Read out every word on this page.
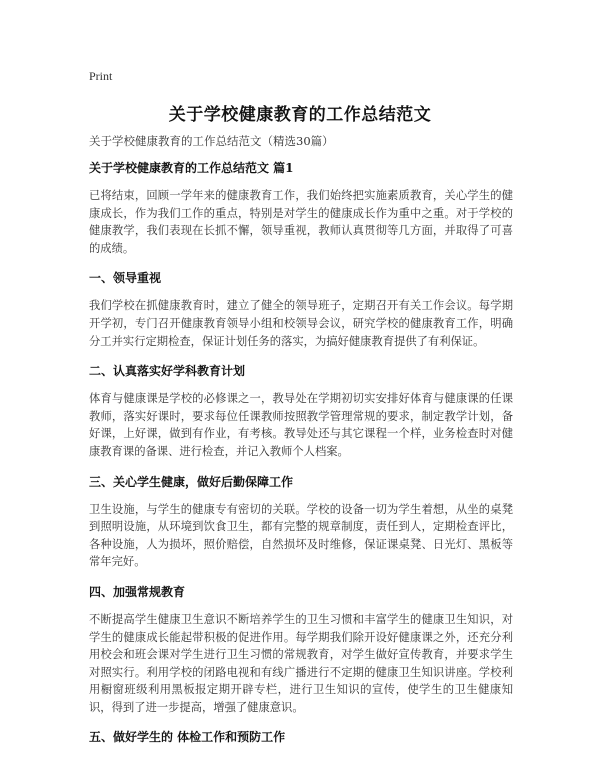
Print
关于学校健康教育的工作总结范文
关于学校健康教育的工作总结范文（精选30篇）
关于学校健康教育的工作总结范文 篇1

已将结束，回顾一学年来的健康教育工作，我们始终把实施素质教育，关心学生的健康成长，作为我们工作的重点，特别是对学生的健康成长作为重中之重。对于学校的健康教学，我们表现在长抓不懈，领导重视，教师认真贯彻等几方面，并取得了可喜的成绩。

一、领导重视

我们学校在抓健康教育时，建立了健全的领导班子，定期召开有关工作会议。每学期开学初，专门召开健康教育领导小组和校领导会议，研究学校的健康教育工作，明确分工并实行定期检查，保证计划任务的落实，为搞好健康教育提供了有利保证。

二、认真落实好学科教育计划

体育与健康课是学校的必修课之一，教导处在学期初切实安排好体育与健康课的任课教师，落实好课时，要求每位任课教师按照教学管理常规的要求，制定教学计划，备好课，上好课，做到有作业，有考核。教导处还与其它课程一个样，业务检查时对健康教育课的备课、进行检查，并记入教师个人档案。

三、关心学生健康，做好后勤保障工作

卫生设施，与学生的健康专有密切的关联。学校的设备一切为学生着想，从坐的桌凳到照明设施，从环境到饮食卫生，都有完整的规章制度，责任到人，定期检查评比，各种设施，人为损坏，照价赔偿，自然损坏及时维修，保证课桌凳、日光灯、黑板等常年完好。

四、加强常规教育

不断提高学生健康卫生意识不断培养学生的卫生习惯和丰富学生的健康卫生知识，对学生的健康成长能起带积极的促进作用。每学期我们除开设好健康课之外，还充分利用校会和班会课对学生进行卫生习惯的常规教育，对学生做好宣传教育，并要求学生对照实行。利用学校的闭路电视和有线广播进行不定期的健康卫生知识讲座。学校利用橱窗班级利用黑板报定期开辟专栏，进行卫生知识的宣传，使学生的卫生健康知识，得到了进一步提高，增强了健康意识。

五、做好学生的 体检工作和预防工作
